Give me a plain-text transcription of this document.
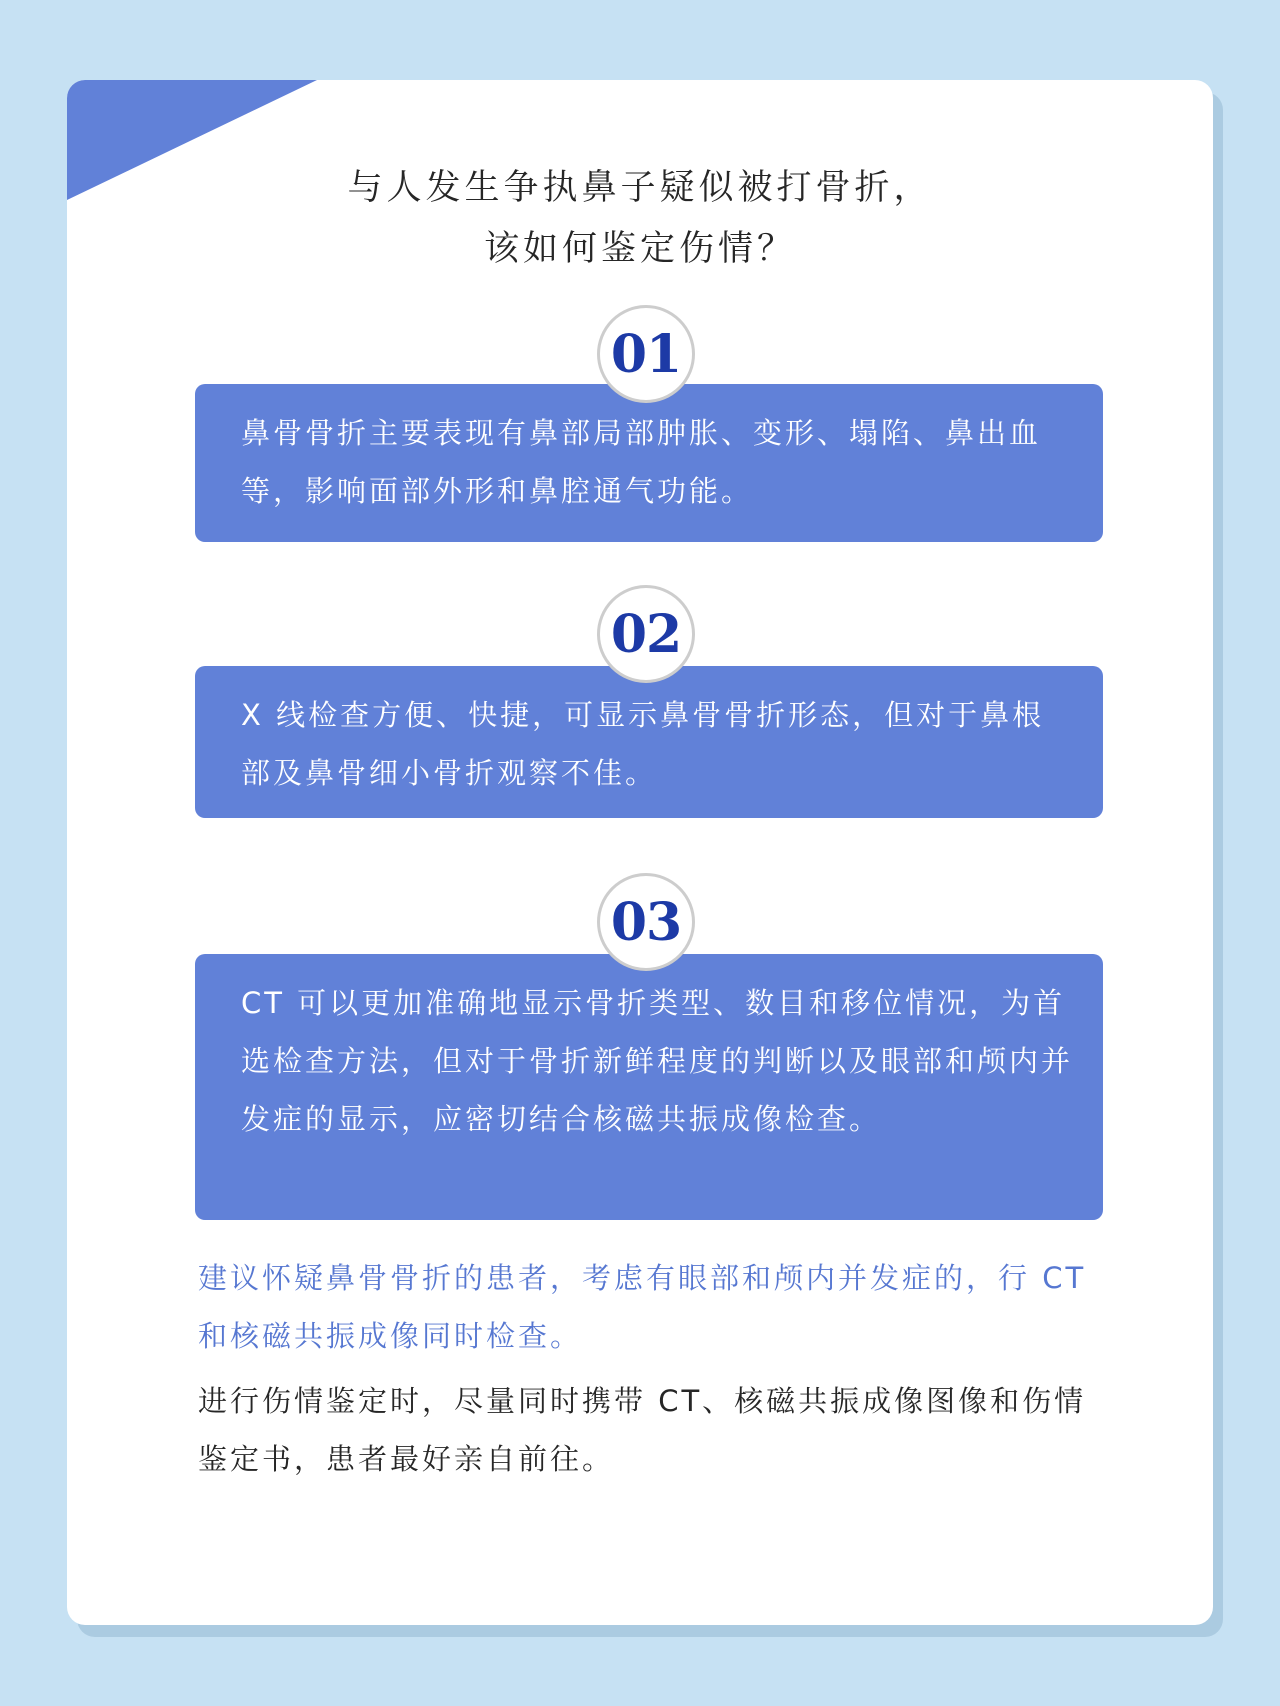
与人发生争执鼻子疑似被打骨折，
该如何鉴定伤情？

鼻骨骨折主要表现有鼻部局部肿胀、变形、塌陷、鼻出血等，影响面部外形和鼻腔通气功能。

01

X 线检查方便、快捷，可显示鼻骨骨折形态，但对于鼻根部及鼻骨细小骨折观察不佳。

02

CT 可以更加准确地显示骨折类型、数目和移位情况，为首选检查方法，但对于骨折新鲜程度的判断以及眼部和颅内并发症的显示，应密切结合核磁共振成像检查。

03

建议怀疑鼻骨骨折的患者，考虑有眼部和颅内并发症的，行 CT 和核磁共振成像同时检查。

进行伤情鉴定时，尽量同时携带 CT、核磁共振成像图像和伤情鉴定书，患者最好亲自前往。
